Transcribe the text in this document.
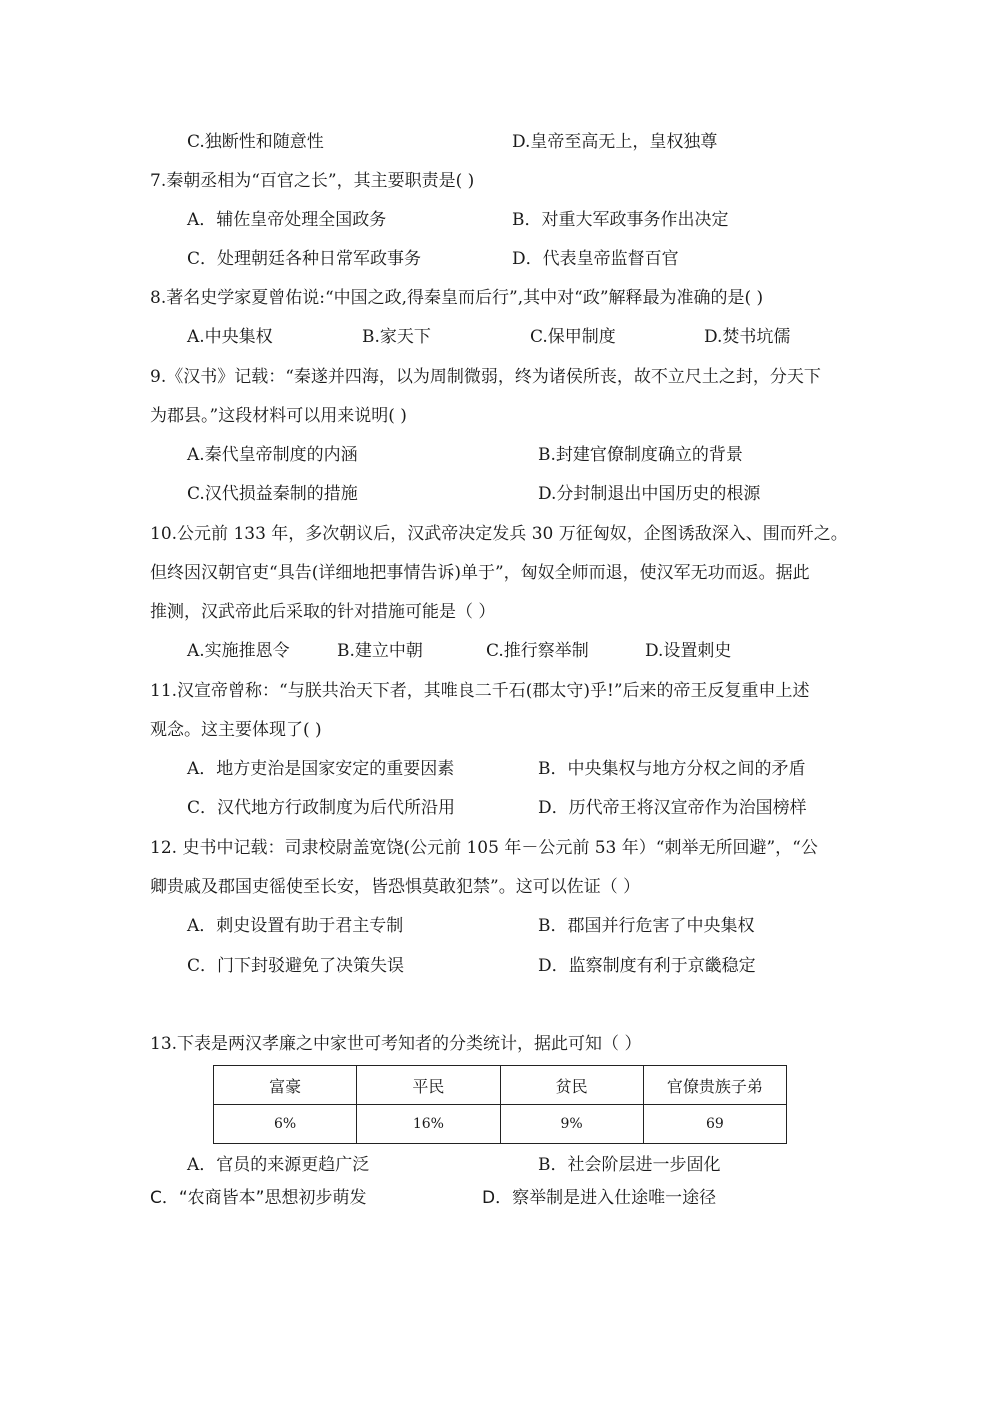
C.独断性和随意性	D.皇帝至高无上，皇权独尊
7.秦朝丞相为“百官之长”，其主要职责是( )
A．辅佐皇帝处理全国政务	B．对重大军政事务作出决定
C．处理朝廷各种日常军政事务	D．代表皇帝监督百官
8.著名史学家夏曾佑说:“中国之政,得秦皇而后行”,其中对“政”解释最为准确的是( )
A.中央集权	B.家天下	C.保甲制度	D.焚书坑儒
9.《汉书》记载：“秦遂并四海，以为周制微弱，终为诸侯所丧，故不立尺土之封，分天下
为郡县。”这段材料可以用来说明( )
A.秦代皇帝制度的内涵	B.封建官僚制度确立的背景
C.汉代损益秦制的措施	D.分封制退出中国历史的根源
10.公元前 133 年，多次朝议后，汉武帝决定发兵 30 万征匈奴，企图诱敌深入、围而歼之。
但终因汉朝官吏“具告(详细地把事情告诉)单于”，匈奴全师而退，使汉军无功而返。据此
推测，汉武帝此后采取的针对措施可能是（ ）
A.实施推恩令	B.建立中朝	C.推行察举制	D.设置刺史
11.汉宣帝曾称：“与朕共治天下者，其唯良二千石(郡太守)乎!”后来的帝王反复重申上述
观念。这主要体现了( )
A．地方吏治是国家安定的重要因素	B．中央集权与地方分权之间的矛盾
C．汉代地方行政制度为后代所沿用	D．历代帝王将汉宣帝作为治国榜样
12. 史书中记载：司隶校尉盖宽饶(公元前 105 年－公元前 53 年）“刺举无所回避”，“公
卿贵戚及郡国吏徭使至长安，皆恐惧莫敢犯禁”。这可以佐证（ ）
A．刺史设置有助于君主专制	B．郡国并行危害了中央集权
C．门下封驳避免了决策失误	D．监察制度有利于京畿稳定
13.下表是两汉孝廉之中家世可考知者的分类统计，据此可知（ ）
富豪	平民	贫民	官僚贵族子弟
6%	16%	9%	69
A．官员的来源更趋广泛	B．社会阶层进一步固化
C．“农商皆本”思想初步萌发	D．察举制是进入仕途唯一途径
